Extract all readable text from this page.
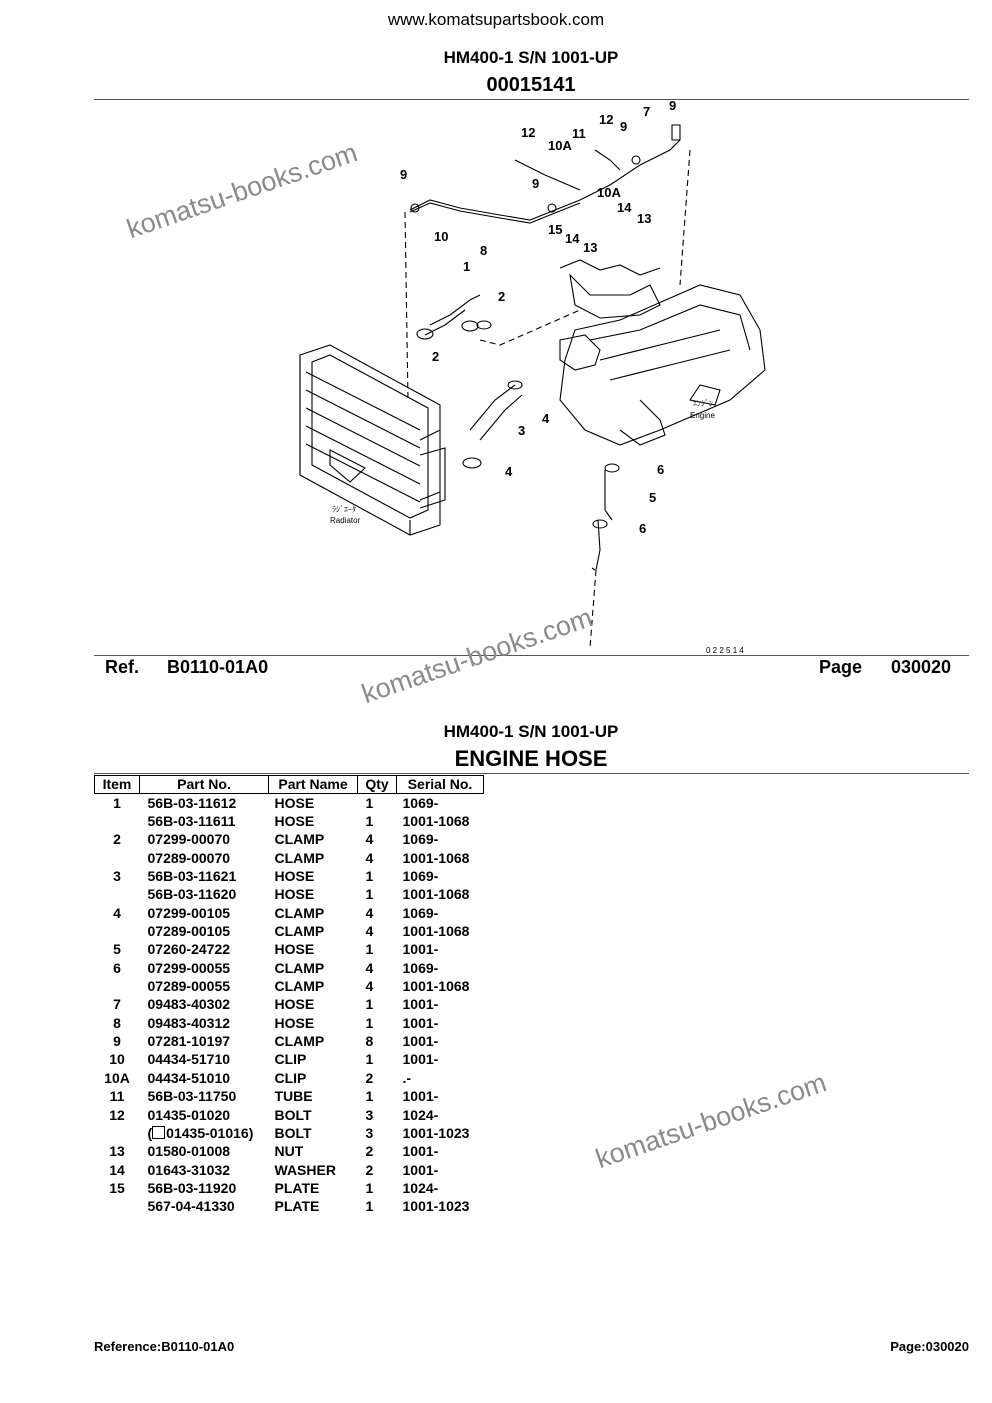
www.komatsupartsbook.com
HM400-1 S/N 1001-UP
00015141
12	11
10A
12 9
7 9
9
9
10
8
15
14
13
10A
14
13
1
2
2
3
4
4	6
5
6
ｴﾝｼﾞﾝ
Engine
ﾗｼﾞｴｰﾀ
Radiator
0 2 2 5 1 4
Ref. B0110-01A0	Page 030020
HM400-1 S/N 1001-UP
ENGINE HOSE
Item	Part No.	Part Name	Qty	Serial No.
1	56B-03-11612	HOSE	1	1069-
	56B-03-11611	HOSE	1	1001-1068
2	07299-00070	CLAMP	4	1069-
	07289-00070	CLAMP	4	1001-1068
3	56B-03-11621	HOSE	1	1069-
	56B-03-11620	HOSE	1	1001-1068
4	07299-00105	CLAMP	4	1069-
	07289-00105	CLAMP	4	1001-1068
5	07260-24722	HOSE	1	1001-
6	07299-00055	CLAMP	4	1069-
	07289-00055	CLAMP	4	1001-1068
7	09483-40302	HOSE	1	1001-
8	09483-40312	HOSE	1	1001-
9	07281-10197	CLAMP	8	1001-
10	04434-51710	CLIP	1	1001-
10A	04434-51010	CLIP	2	.-
11	56B-03-11750	TUBE	1	1001-
12	01435-01020	BOLT	3	1024-
	( 01435-01016)	BOLT	3	1001-1023
13	01580-01008	NUT	2	1001-
14	01643-31032	WASHER	2	1001-
15	56B-03-11920	PLATE	1	1024-
	567-04-41330	PLATE	1	1001-1023
Reference:B0110-01A0	Page:030020
komatsu-books.com
komatsu-books.com
komatsu-books.com
